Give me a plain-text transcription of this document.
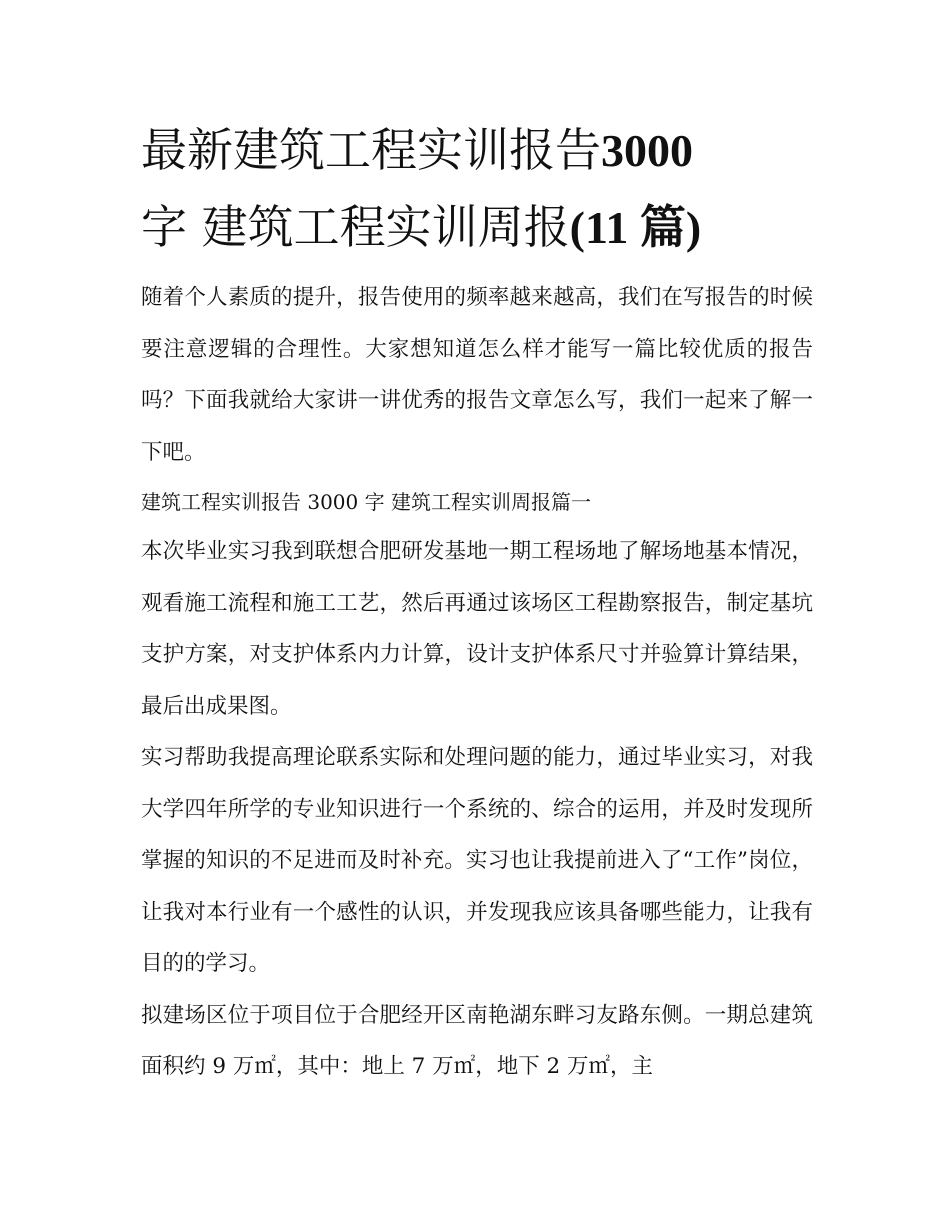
最新建筑工程实训报告3000
字 建筑工程实训周报(11 篇)

随着个人素质的提升，报告使用的频率越来越高，我们在写报告的时候要注意逻辑的合理性。大家想知道怎么样才能写一篇比较优质的报告吗？下面我就给大家讲一讲优秀的报告文章怎么写，我们一起来了解一下吧。

建筑工程实训报告 3000 字 建筑工程实训周报篇一

本次毕业实习我到联想合肥研发基地一期工程场地了解场地基本情况，观看施工流程和施工工艺，然后再通过该场区工程勘察报告，制定基坑支护方案，对支护体系内力计算，设计支护体系尺寸并验算计算结果，最后出成果图。

实习帮助我提高理论联系实际和处理问题的能力，通过毕业实习，对我大学四年所学的专业知识进行一个系统的、综合的运用，并及时发现所掌握的知识的不足进而及时补充。实习也让我提前进入了“工作”岗位，让我对本行业有一个感性的认识，并发现我应该具备哪些能力，让我有目的的学习。

拟建场区位于项目位于合肥经开区南艳湖东畔习友路东侧。一期总建筑面积约 9 万㎡，其中：地上 7 万㎡，地下 2 万㎡，主
